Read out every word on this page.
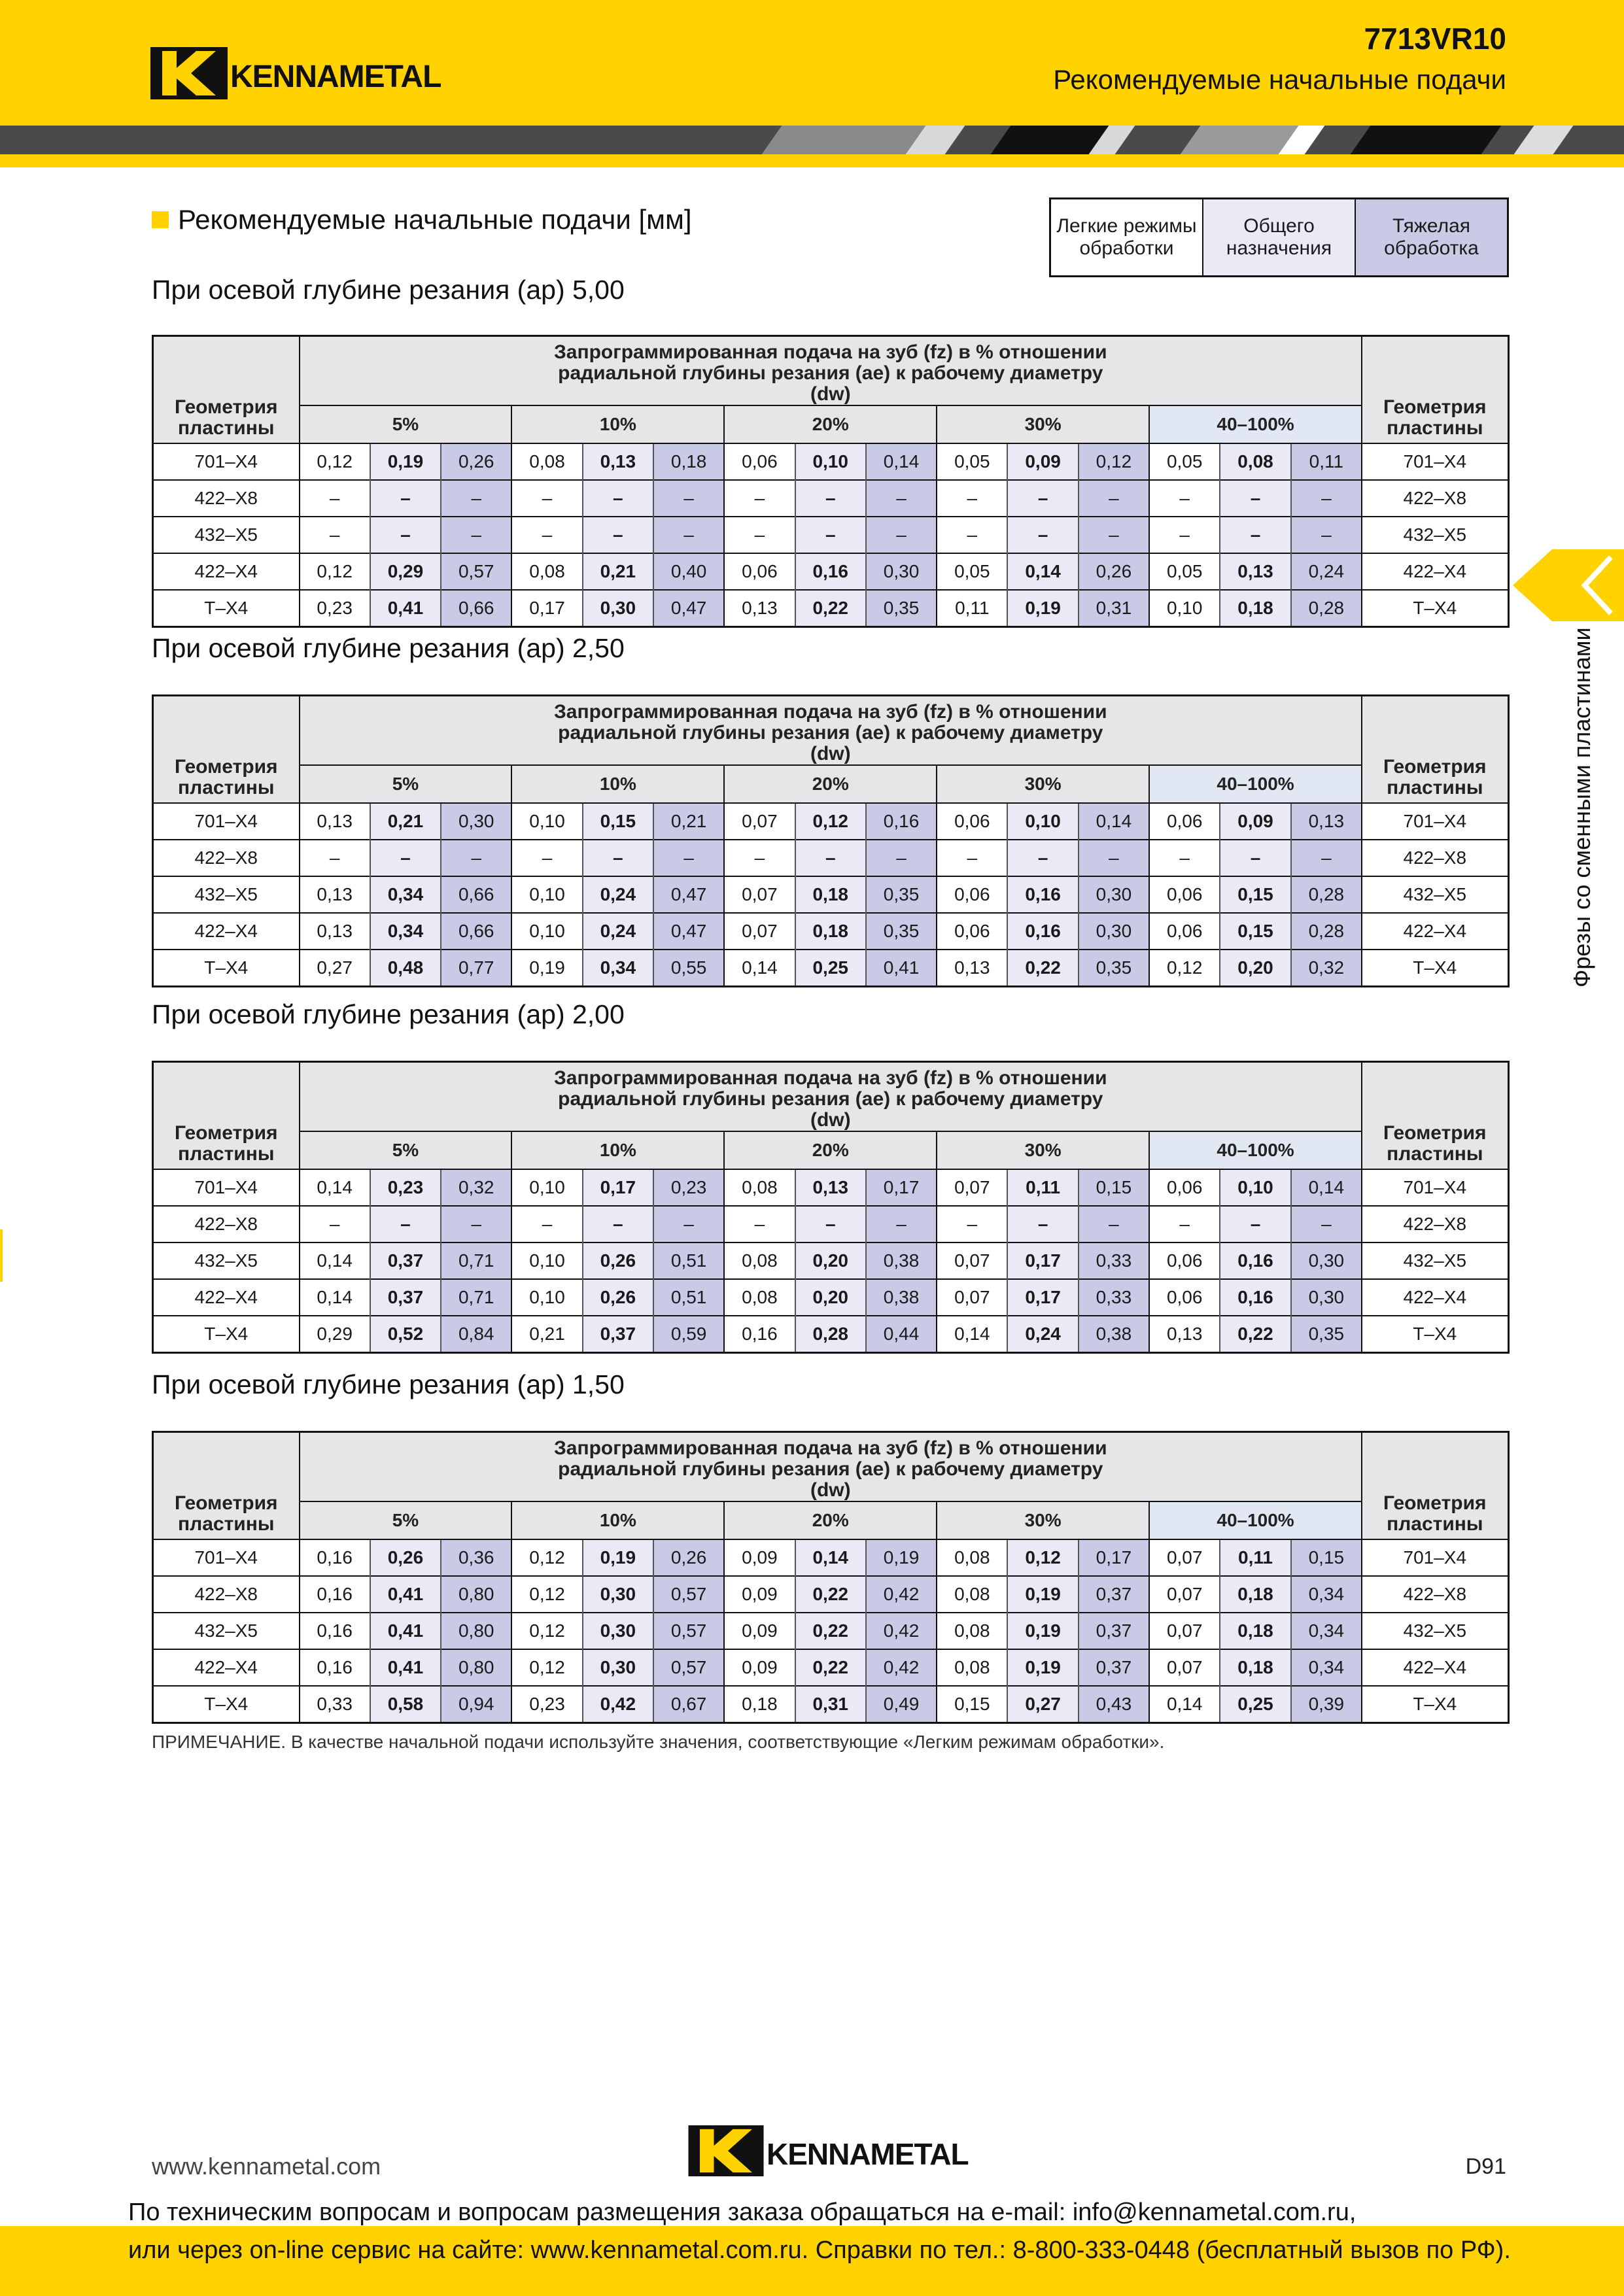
KENNAMETAL
7713VR10
Рекомендуемые начальные подачи
Рекомендуемые начальные подачи [мм]	Легкие режимы обработки
Общего назначения
Тяжелая обработка
При осевой глубине резания (ap) 5,00
Геометрия пластины	Запрограммированная подача на зуб (fz) в % отношении радиальной глубины резания (ae) к рабочему диаметру (dw)															Геометрия пластины
	5%			10%			20%			30%			40–100%			
701–X4	0,12	0,19	0,26	0,08	0,13	0,18	0,06	0,10	0,14	0,05	0,09	0,12	0,05	0,08	0,11	701–X4
422–X8	–	–	–	–	–	–	–	–	–	–	–	–	–	–	–	422–X8
432–X5	–	–	–	–	–	–	–	–	–	–	–	–	–	–	–	432–X5
422–X4	0,12	0,29	0,57	0,08	0,21	0,40	0,06	0,16	0,30	0,05	0,14	0,26	0,05	0,13	0,24	422–X4
T–X4	0,23	0,41	0,66	0,17	0,30	0,47	0,13	0,22	0,35	0,11	0,19	0,31	0,10	0,18	0,28	T–X4
При осевой глубине резания (ap) 2,50
Геометрия пластины	Запрограммированная подача на зуб (fz) в % отношении радиальной глубины резания (ae) к рабочему диаметру (dw)															Геометрия пластины
	5%			10%			20%			30%			40–100%			
701–X4	0,13	0,21	0,30	0,10	0,15	0,21	0,07	0,12	0,16	0,06	0,10	0,14	0,06	0,09	0,13	701–X4
422–X8	–	–	–	–	–	–	–	–	–	–	–	–	–	–	–	422–X8
432–X5	0,13	0,34	0,66	0,10	0,24	0,47	0,07	0,18	0,35	0,06	0,16	0,30	0,06	0,15	0,28	432–X5
422–X4	0,13	0,34	0,66	0,10	0,24	0,47	0,07	0,18	0,35	0,06	0,16	0,30	0,06	0,15	0,28	422–X4
T–X4	0,27	0,48	0,77	0,19	0,34	0,55	0,14	0,25	0,41	0,13	0,22	0,35	0,12	0,20	0,32	T–X4
При осевой глубине резания (ap) 2,00
Геометрия пластины	Запрограммированная подача на зуб (fz) в % отношении радиальной глубины резания (ae) к рабочему диаметру (dw)															Геометрия пластины
	5%			10%			20%			30%			40–100%			
701–X4	0,14	0,23	0,32	0,10	0,17	0,23	0,08	0,13	0,17	0,07	0,11	0,15	0,06	0,10	0,14	701–X4
422–X8	–	–	–	–	–	–	–	–	–	–	–	–	–	–	–	422–X8
432–X5	0,14	0,37	0,71	0,10	0,26	0,51	0,08	0,20	0,38	0,07	0,17	0,33	0,06	0,16	0,30	432–X5
422–X4	0,14	0,37	0,71	0,10	0,26	0,51	0,08	0,20	0,38	0,07	0,17	0,33	0,06	0,16	0,30	422–X4
T–X4	0,29	0,52	0,84	0,21	0,37	0,59	0,16	0,28	0,44	0,14	0,24	0,38	0,13	0,22	0,35	T–X4
При осевой глубине резания (ap) 1,50
Геометрия пластины	Запрограммированная подача на зуб (fz) в % отношении радиальной глубины резания (ae) к рабочему диаметру (dw)															Геометрия пластины
	5%			10%			20%			30%			40–100%			
701–X4	0,16	0,26	0,36	0,12	0,19	0,26	0,09	0,14	0,19	0,08	0,12	0,17	0,07	0,11	0,15	701–X4
422–X8	0,16	0,41	0,80	0,12	0,30	0,57	0,09	0,22	0,42	0,08	0,19	0,37	0,07	0,18	0,34	422–X8
432–X5	0,16	0,41	0,80	0,12	0,30	0,57	0,09	0,22	0,42	0,08	0,19	0,37	0,07	0,18	0,34	432–X5
422–X4	0,16	0,41	0,80	0,12	0,30	0,57	0,09	0,22	0,42	0,08	0,19	0,37	0,07	0,18	0,34	422–X4
T–X4	0,33	0,58	0,94	0,23	0,42	0,67	0,18	0,31	0,49	0,15	0,27	0,43	0,14	0,25	0,39	T–X4
ПРИМЕЧАНИЕ. В качестве начальной подачи используйте значения, соответствующие «Легким режимам обработки».
Фрезы со сменными пластинами
www.kennametal.com	KENNAMETAL	D91
По техническим вопросам и вопросам размещения заказа обращаться на e-mail: info@kennametal.com.ru,
или через on-line сервис на сайте: www.kennametal.com.ru. Справки по тел.: 8-800-333-0448 (бесплатный вызов по РФ).
